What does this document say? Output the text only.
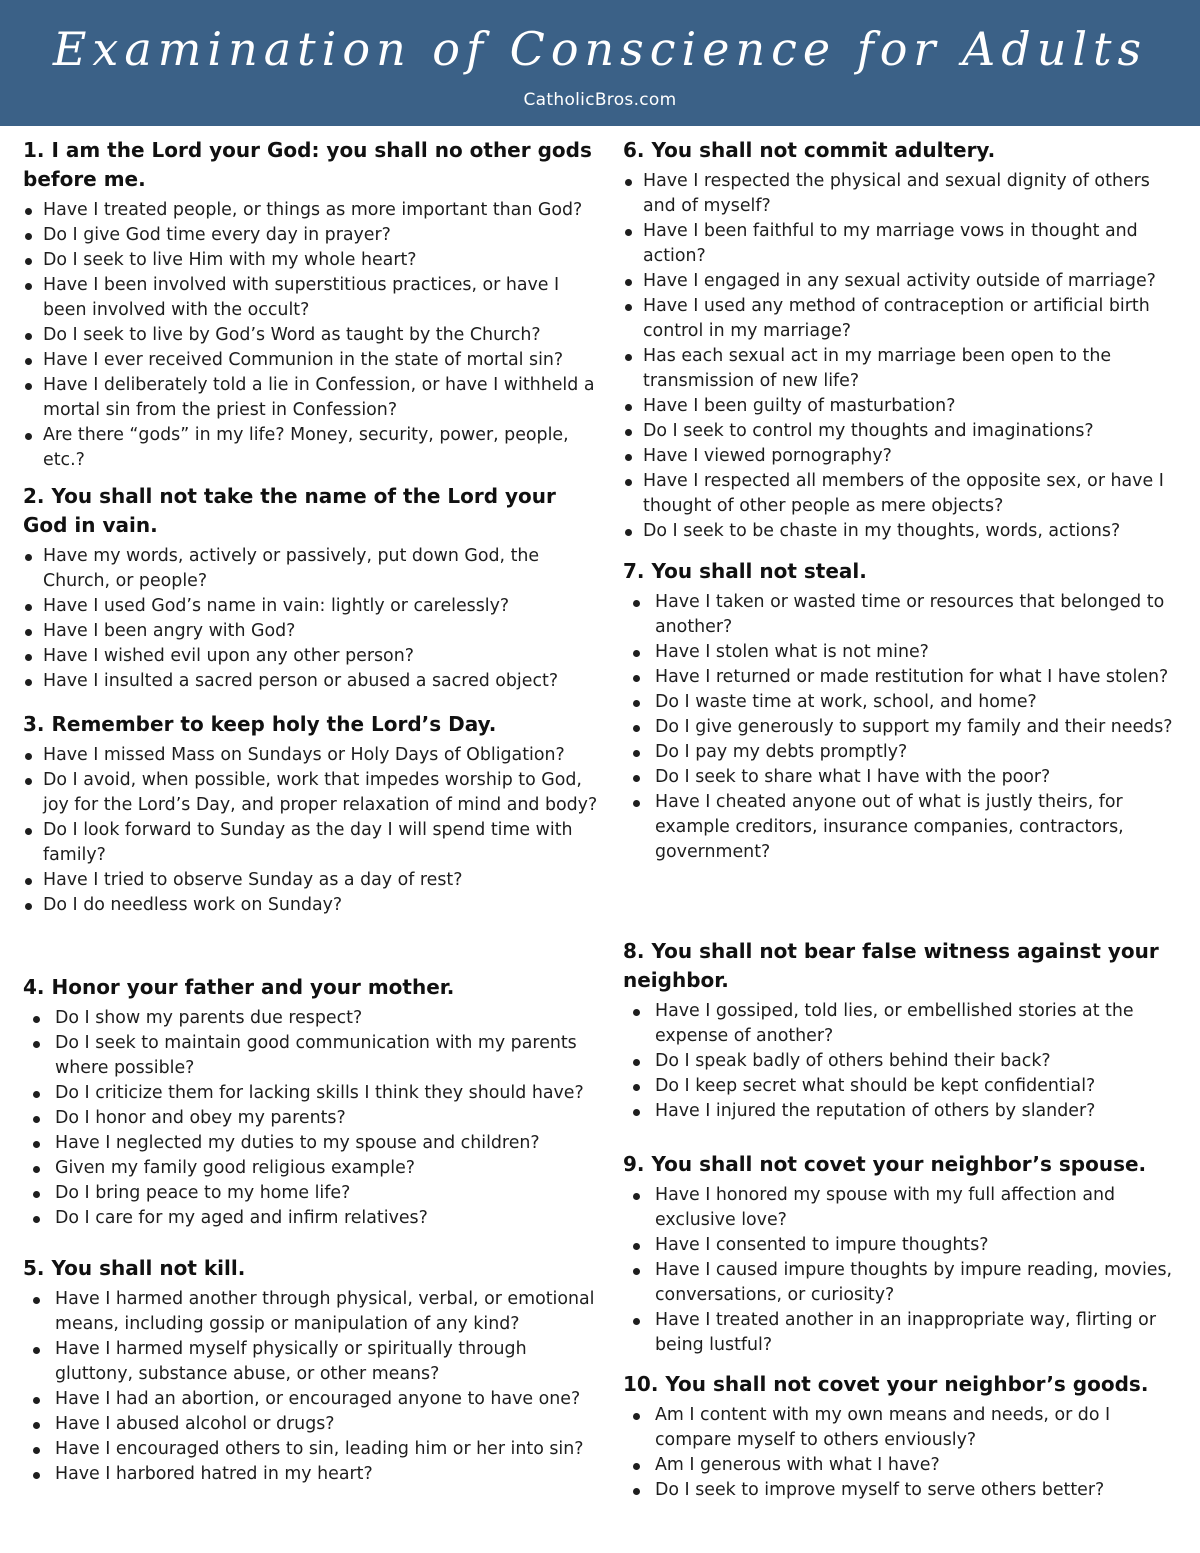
Examination of Conscience for Adults
CatholicBros.com
1. I am the Lord your God: you shall no other gods before me.
Have I treated people, or things as more important than God?
Do I give God time every day in prayer?
Do I seek to live Him with my whole heart?
Have I been involved with superstitious practices, or have I been involved with the occult?
Do I seek to live by God’s Word as taught by the Church?
Have I ever received Communion in the state of mortal sin?
Have I deliberately told a lie in Confession, or have I withheld a mortal sin from the priest in Confession?
Are there “gods” in my life? Money, security, power, people, etc.?
2. You shall not take the name of the Lord your God in vain.
Have my words, actively or passively, put down God, the Church, or people?
Have I used God’s name in vain: lightly or carelessly?
Have I been angry with God?
Have I wished evil upon any other person?
Have I insulted a sacred person or abused a sacred object?
3. Remember to keep holy the Lord’s Day.
Have I missed Mass on Sundays or Holy Days of Obligation?
Do I avoid, when possible, work that impedes worship to God, joy for the Lord’s Day, and proper relaxation of mind and body?
Do I look forward to Sunday as the day I will spend time with family?
Have I tried to observe Sunday as a day of rest?
Do I do needless work on Sunday?
4. Honor your father and your mother.
Do I show my parents due respect?
Do I seek to maintain good communication with my parents where possible?
Do I criticize them for lacking skills I think they should have?
Do I honor and obey my parents?
Have I neglected my duties to my spouse and children?
Given my family good religious example?
Do I bring peace to my home life?
Do I care for my aged and infirm relatives?
5. You shall not kill.
Have I harmed another through physical, verbal, or emotional means, including gossip or manipulation of any kind?
Have I harmed myself physically or spiritually through gluttony, substance abuse, or other means?
Have I had an abortion, or encouraged anyone to have one?
Have I abused alcohol or drugs?
Have I encouraged others to sin, leading him or her into sin?
Have I harbored hatred in my heart?
6. You shall not commit adultery.
Have I respected the physical and sexual dignity of others and of myself?
Have I been faithful to my marriage vows in thought and action?
Have I engaged in any sexual activity outside of marriage?
Have I used any method of contraception or artificial birth control in my marriage?
Has each sexual act in my marriage been open to the transmission of new life?
Have I been guilty of masturbation?
Do I seek to control my thoughts and imaginations?
Have I viewed pornography?
Have I respected all members of the opposite sex, or have I thought of other people as mere objects?
Do I seek to be chaste in my thoughts, words, actions?
7. You shall not steal.
Have I taken or wasted time or resources that belonged to another?
Have I stolen what is not mine?
Have I returned or made restitution for what I have stolen?
Do I waste time at work, school, and home?
Do I give generously to support my family and their needs?
Do I pay my debts promptly?
Do I seek to share what I have with the poor?
Have I cheated anyone out of what is justly theirs, for example creditors, insurance companies, contractors, government?
8. You shall not bear false witness against your neighbor.
Have I gossiped, told lies, or embellished stories at the expense of another?
Do I speak badly of others behind their back?
Do I keep secret what should be kept confidential?
Have I injured the reputation of others by slander?
9. You shall not covet your neighbor’s spouse.
Have I honored my spouse with my full affection and exclusive love?
Have I consented to impure thoughts?
Have I caused impure thoughts by impure reading, movies, conversations, or curiosity?
Have I treated another in an inappropriate way, flirting or being lustful?
10. You shall not covet your neighbor’s goods.
Am I content with my own means and needs, or do I compare myself to others enviously?
Am I generous with what I have?
Do I seek to improve myself to serve others better?
